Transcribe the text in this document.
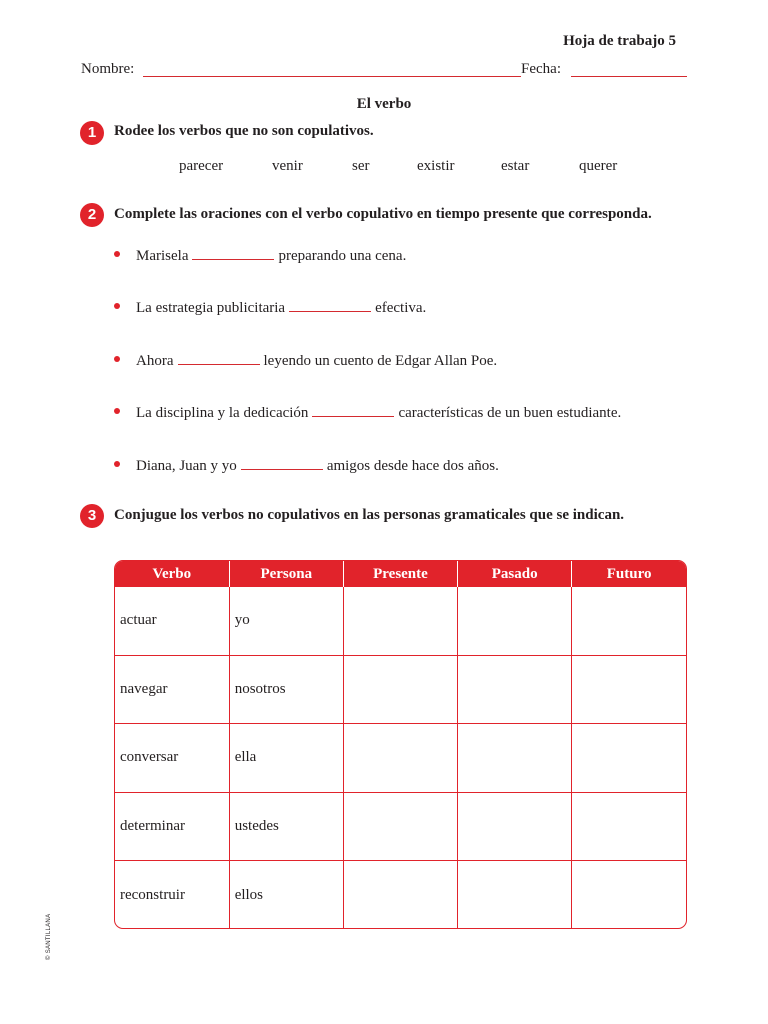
Hoja de trabajo 5
Nombre:	Fecha:
El verbo
1	Rodee los verbos que no son copulativos.
parecer	venir	ser	existir	estar	querer
2	Complete las oraciones con el verbo copulativo en tiempo presente que corresponda.
Marisela	preparando una cena.
La estrategia publicitaria	efectiva.
Ahora	leyendo un cuento de Edgar Allan Poe.
La disciplina y la dedicación	características de un buen estudiante.
Diana, Juan y yo	amigos desde hace dos años.
3	Conjugue los verbos no copulativos en las personas gramaticales que se indican.
Verbo	Persona	Presente	Pasado	Futuro
actuar	yo			
navegar	nosotros			
conversar	ella			
determinar	ustedes			
reconstruir	ellos			
© SANTILLANA
